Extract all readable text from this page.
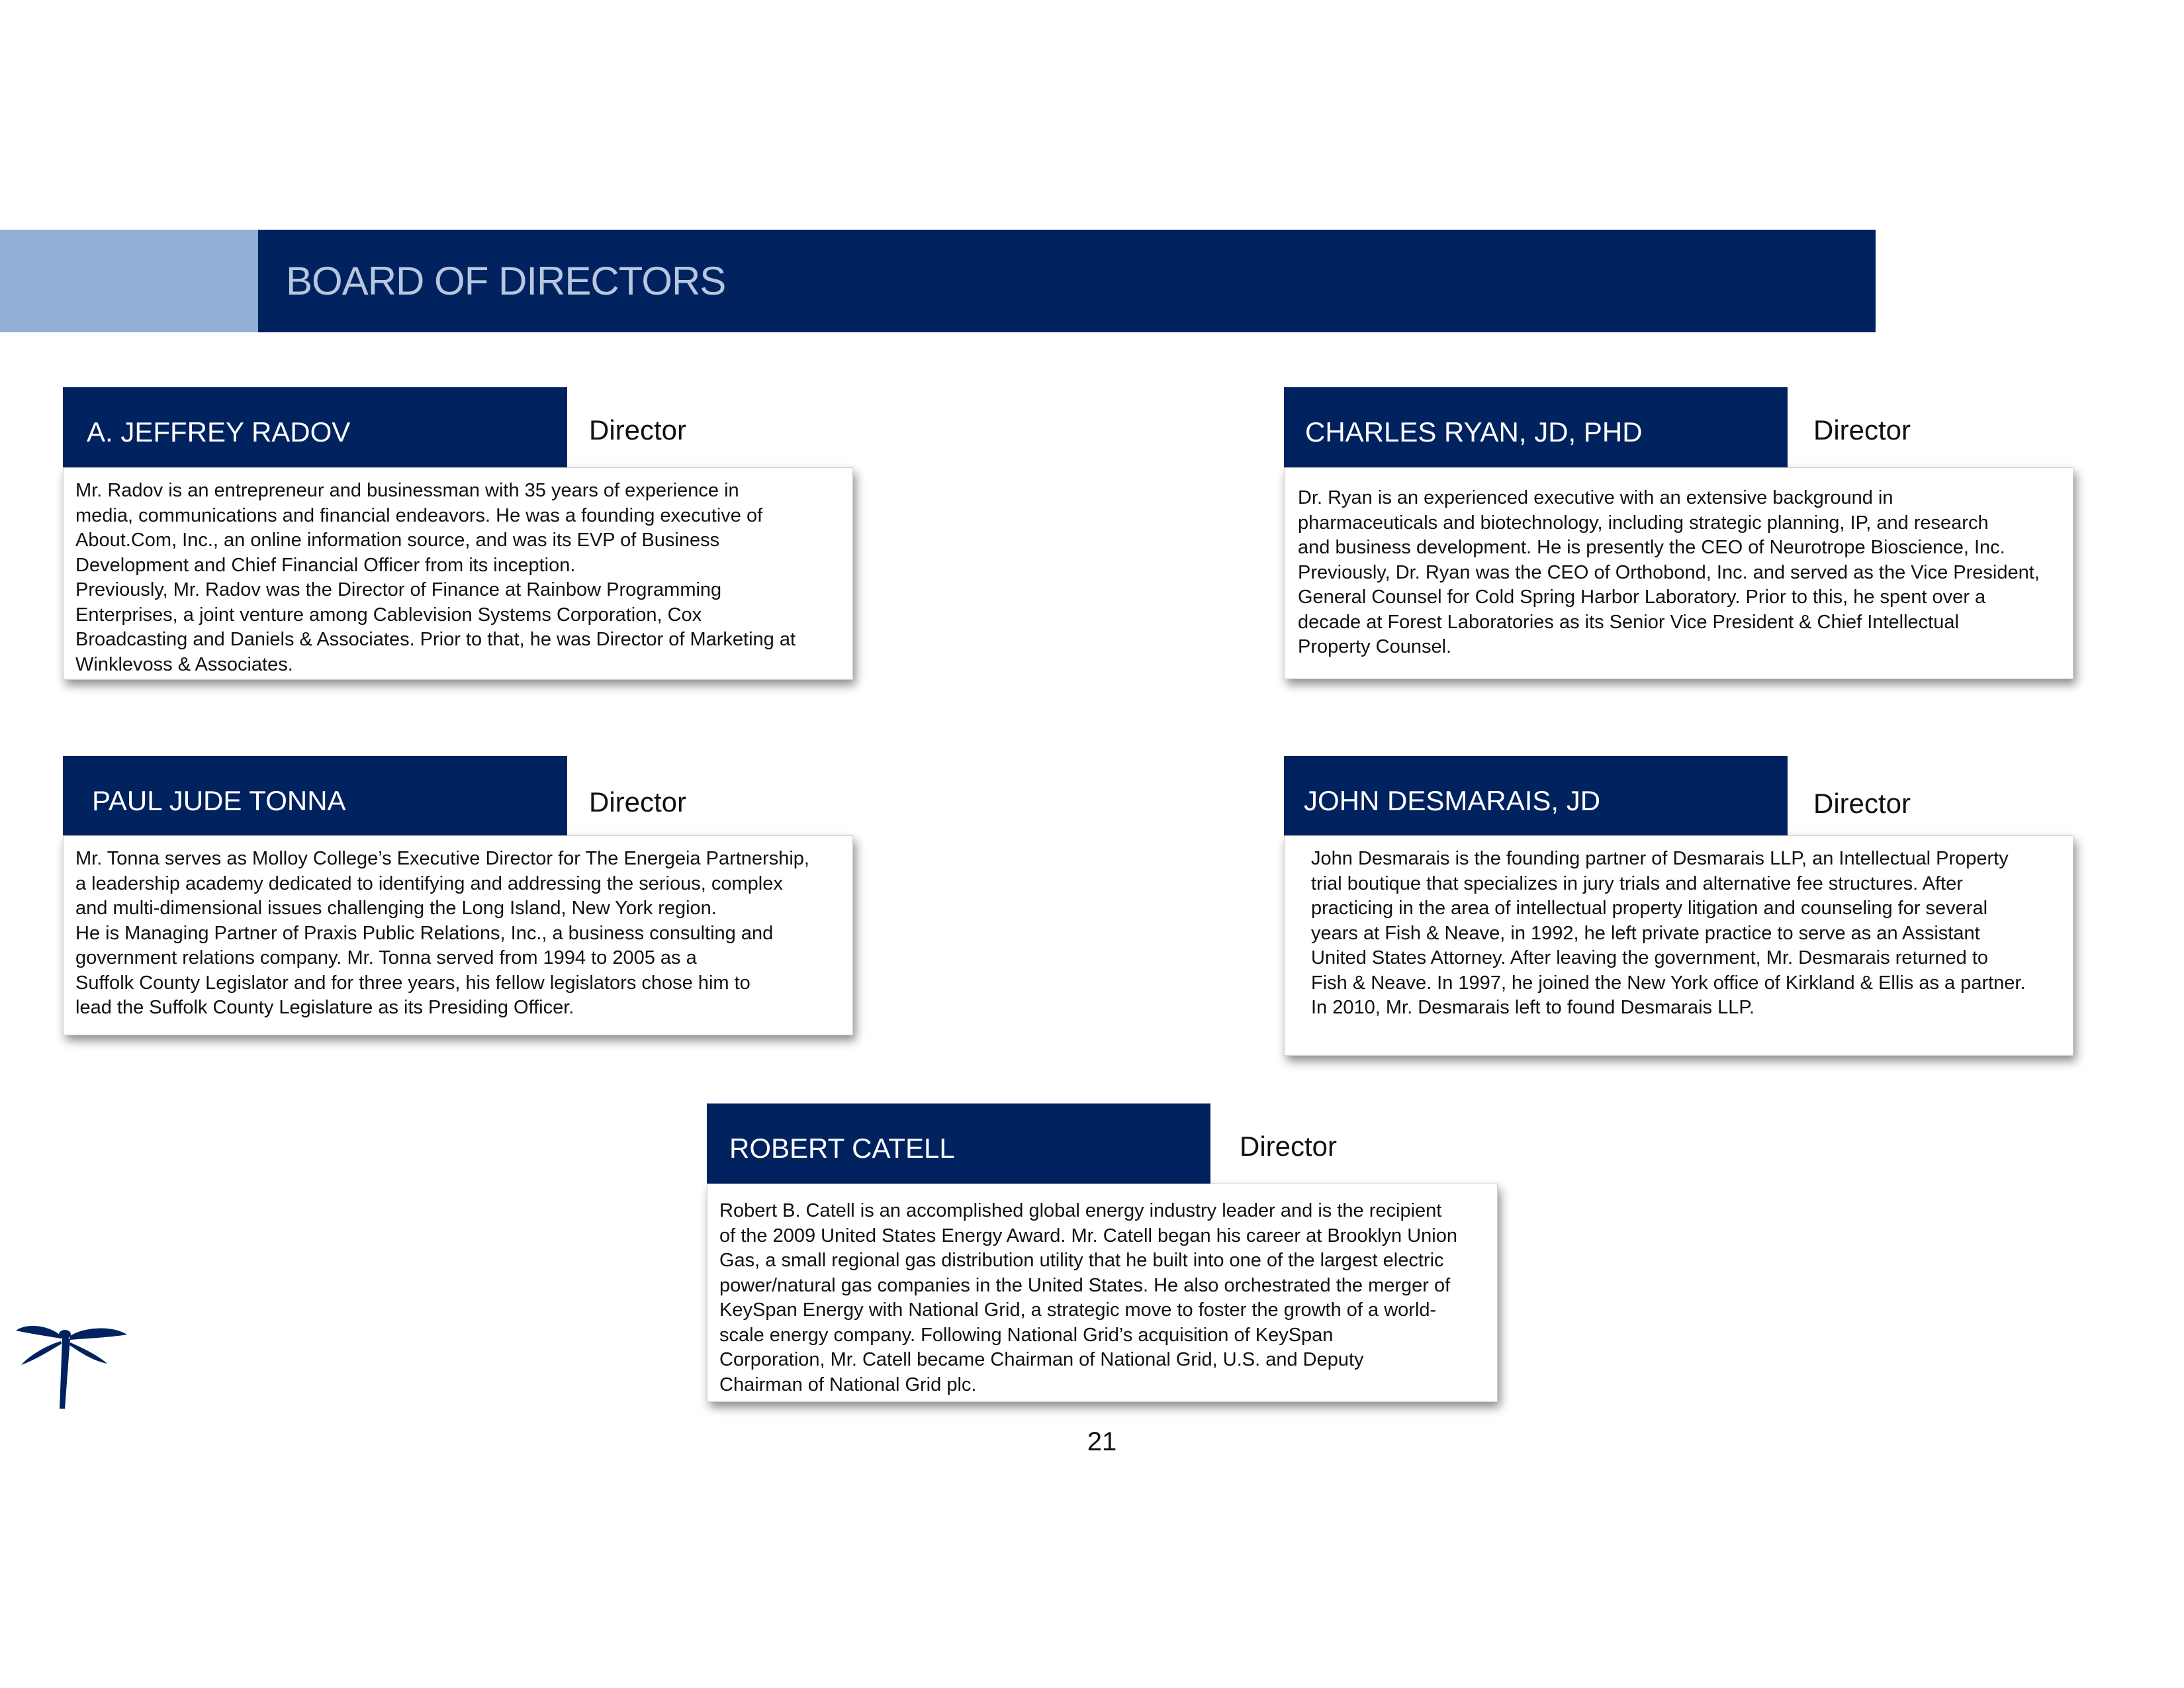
BOARD OF DIRECTORS
A. JEFFREY RADOV	Director
Mr. Radov is an entrepreneur and businessman with 35 years of experience in
media, communications and financial endeavors. He was a founding executive of
About.Com, Inc., an online information source, and was its EVP of Business
Development and Chief Financial Officer from its inception.
Previously, Mr. Radov was the Director of Finance at Rainbow Programming
Enterprises, a joint venture among Cablevision Systems Corporation, Cox
Broadcasting and Daniels & Associates. Prior to that, he was Director of Marketing at
Winklevoss & Associates.
CHARLES RYAN, JD, PHD	Director
Dr. Ryan is an experienced executive with an extensive background in
pharmaceuticals and biotechnology, including strategic planning, IP, and research
and business development. He is presently the CEO of Neurotrope Bioscience, Inc.
Previously, Dr. Ryan was the CEO of Orthobond, Inc. and served as the Vice President,
General Counsel for Cold Spring Harbor Laboratory. Prior to this, he spent over a
decade at Forest Laboratories as its Senior Vice President & Chief Intellectual
Property Counsel.
PAUL JUDE TONNA	Director
Mr. Tonna serves as Molloy College’s Executive Director for The Energeia Partnership,
a leadership academy dedicated to identifying and addressing the serious, complex
and multi-dimensional issues challenging the Long Island, New York region.
He is Managing Partner of Praxis Public Relations, Inc., a business consulting and
government relations company. Mr. Tonna served from 1994 to 2005 as a
Suffolk County Legislator and for three years, his fellow legislators chose him to
lead the Suffolk County Legislature as its Presiding Officer.
JOHN DESMARAIS, JD	Director
John Desmarais is the founding partner of Desmarais LLP, an Intellectual Property
trial boutique that specializes in jury trials and alternative fee structures. After
practicing in the area of intellectual property litigation and counseling for several
years at Fish & Neave, in 1992, he left private practice to serve as an Assistant
United States Attorney. After leaving the government, Mr. Desmarais returned to
Fish & Neave. In 1997, he joined the New York office of Kirkland & Ellis as a partner.
In 2010, Mr. Desmarais left to found Desmarais LLP.
ROBERT CATELL	Director
Robert B. Catell is an accomplished global energy industry leader and is the recipient
of the 2009 United States Energy Award. Mr. Catell began his career at Brooklyn Union
Gas, a small regional gas distribution utility that he built into one of the largest electric
power/natural gas companies in the United States. He also orchestrated the merger of
KeySpan Energy with National Grid, a strategic move to foster the growth of a world-
scale energy company. Following National Grid’s acquisition of KeySpan
Corporation, Mr. Catell became Chairman of National Grid, U.S. and Deputy
Chairman of National Grid plc.
21
